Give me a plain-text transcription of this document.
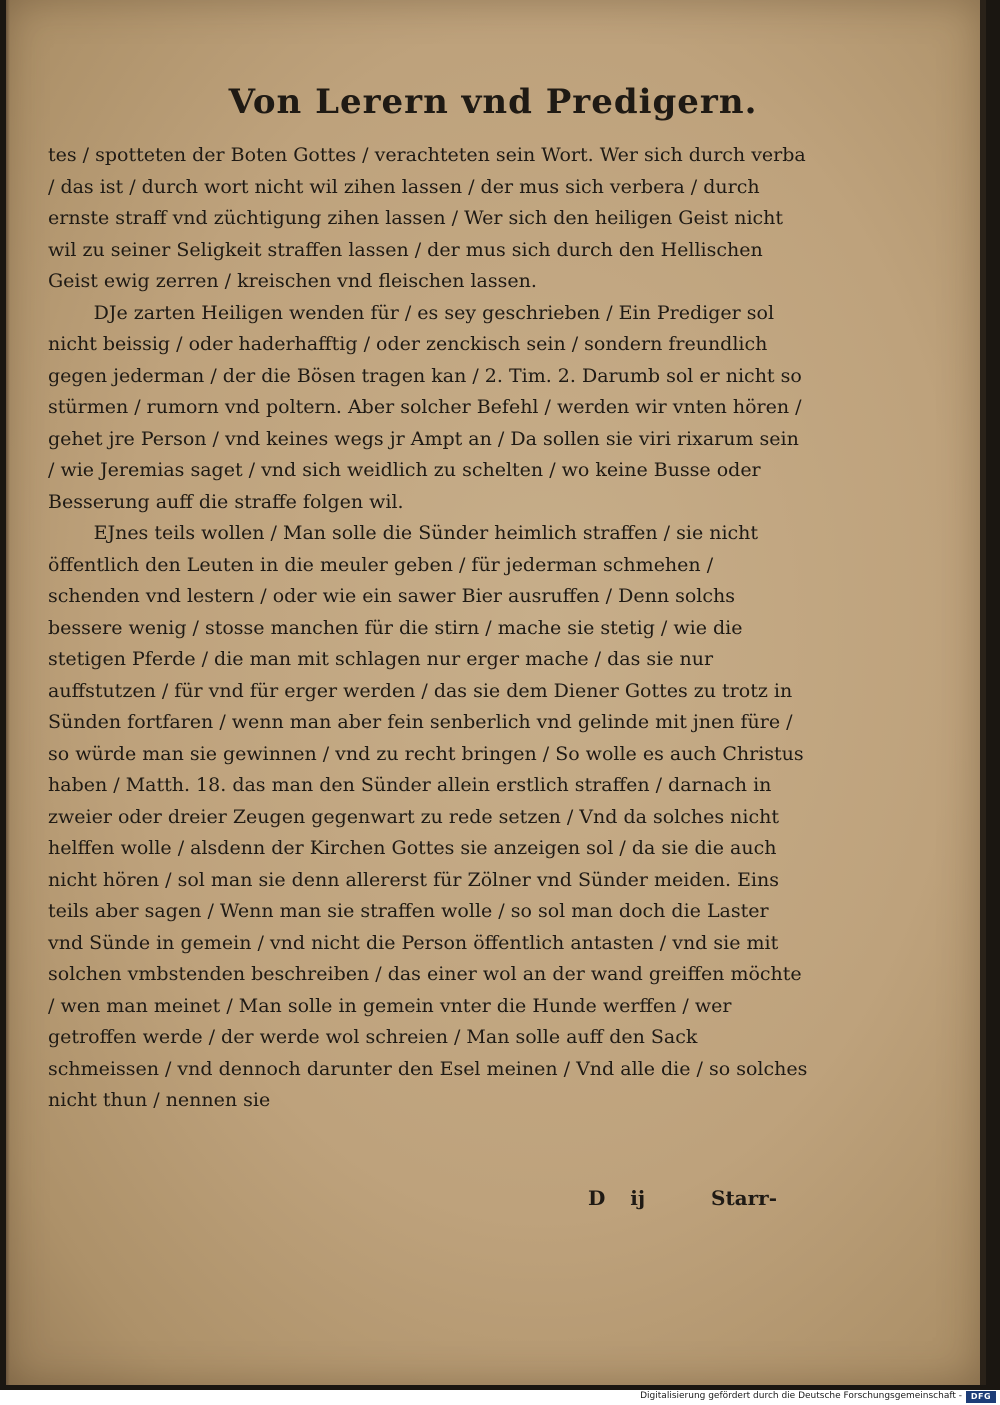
Von Lerern vnd Predigern.

tes / spotteten der Boten Gottes / verachteten sein Wort. Wer sich durch verba / das ist / durch wort nicht wil zihen lassen / der mus sich verbera / durch ernste straff vnd züchtigung zihen lassen / Wer sich den heiligen Geist nicht wil zu seiner Seligkeit straffen lassen / der mus sich durch den Hellischen Geist ewig zerren / kreischen vnd fleischen lassen.

DJe zarten Heiligen wenden für / es sey geschrieben / Ein Prediger sol nicht beissig / oder haderhafftig / oder zenckisch sein / sondern freundlich gegen jederman / der die Bösen tragen kan / 2. Tim. 2. Darumb sol er nicht so stürmen / rumorn vnd poltern. Aber solcher Befehl / werden wir vnten hören / gehet jre Person / vnd keines wegs jr Ampt an / Da sollen sie viri rixarum sein / wie Jeremias saget / vnd sich weidlich zu schelten / wo keine Busse oder Besserung auff die straffe folgen wil.

EJnes teils wollen / Man solle die Sünder heimlich straffen / sie nicht öffentlich den Leuten in die meuler geben / für jederman schmehen / schenden vnd lestern / oder wie ein sawer Bier ausruffen / Denn solchs bessere wenig / stosse manchen für die stirn / mache sie stetig / wie die stetigen Pferde / die man mit schlagen nur erger mache / das sie nur auffstutzen / für vnd für erger werden / das sie dem Diener Gottes zu trotz in Sünden fortfaren / wenn man aber fein senberlich vnd gelinde mit jnen füre / so würde man sie gewinnen / vnd zu recht bringen / So wolle es auch Christus haben / Matth. 18. das man den Sünder allein erstlich straffen / darnach in zweier oder dreier Zeugen gegenwart zu rede setzen / Vnd da solches nicht helffen wolle / alsdenn der Kirchen Gottes sie anzeigen sol / da sie die auch nicht hören / sol man sie denn allererst für Zölner vnd Sünder meiden. Eins teils aber sagen / Wenn man sie straffen wolle / so sol man doch die Laster vnd Sünde in gemein / vnd nicht die Person öffentlich antasten / vnd sie mit solchen vmbstenden beschreiben / das einer wol an der wand greiffen möchte / wen man meinet / Man solle in gemein vnter die Hunde werffen / wer getroffen werde / der werde wol schreien / Man solle auff den Sack schmeissen / vnd dennoch darunter den Esel meinen / Vnd alle die / so solches nicht thun / nennen sie

D ij	Starr-
Digitalisierung gefördert durch die Deutsche Forschungsgemeinschaft -	DFG
